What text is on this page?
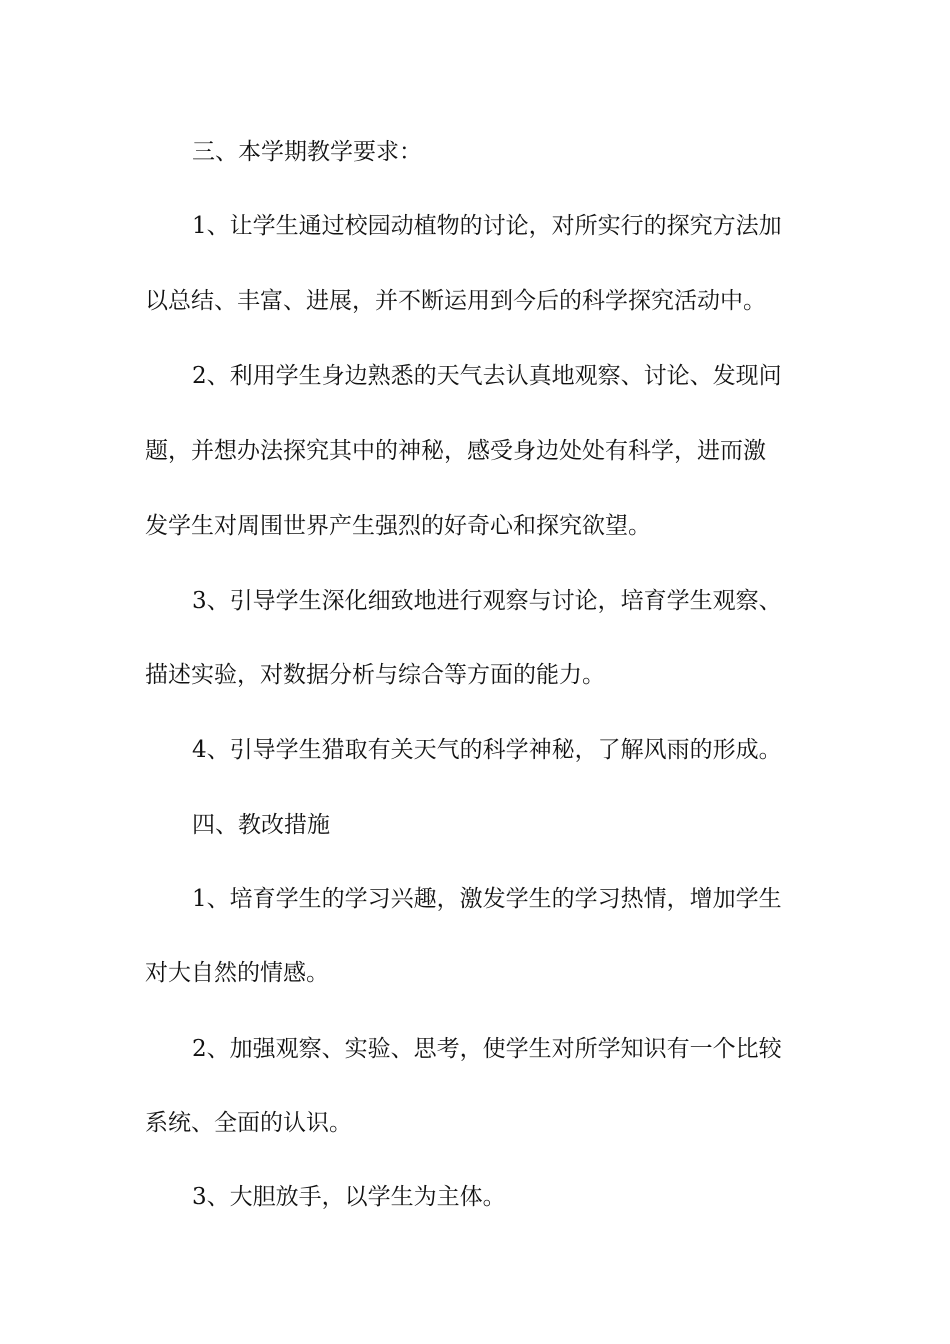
三、本学期教学要求：
1、让学生通过校园动植物的讨论，对所实行的探究方法加
以总结、丰富、进展，并不断运用到今后的科学探究活动中。
2、利用学生身边熟悉的天气去认真地观察、讨论、发现问
题，并想办法探究其中的神秘，感受身边处处有科学，进而激
发学生对周围世界产生强烈的好奇心和探究欲望。
3、引导学生深化细致地进行观察与讨论，培育学生观察、
描述实验，对数据分析与综合等方面的能力。
4、引导学生猎取有关天气的科学神秘，了解风雨的形成。
四、教改措施
1、培育学生的学习兴趣，激发学生的学习热情，增加学生
对大自然的情感。
2、加强观察、实验、思考，使学生对所学知识有一个比较
系统、全面的认识。
3、大胆放手，以学生为主体。
